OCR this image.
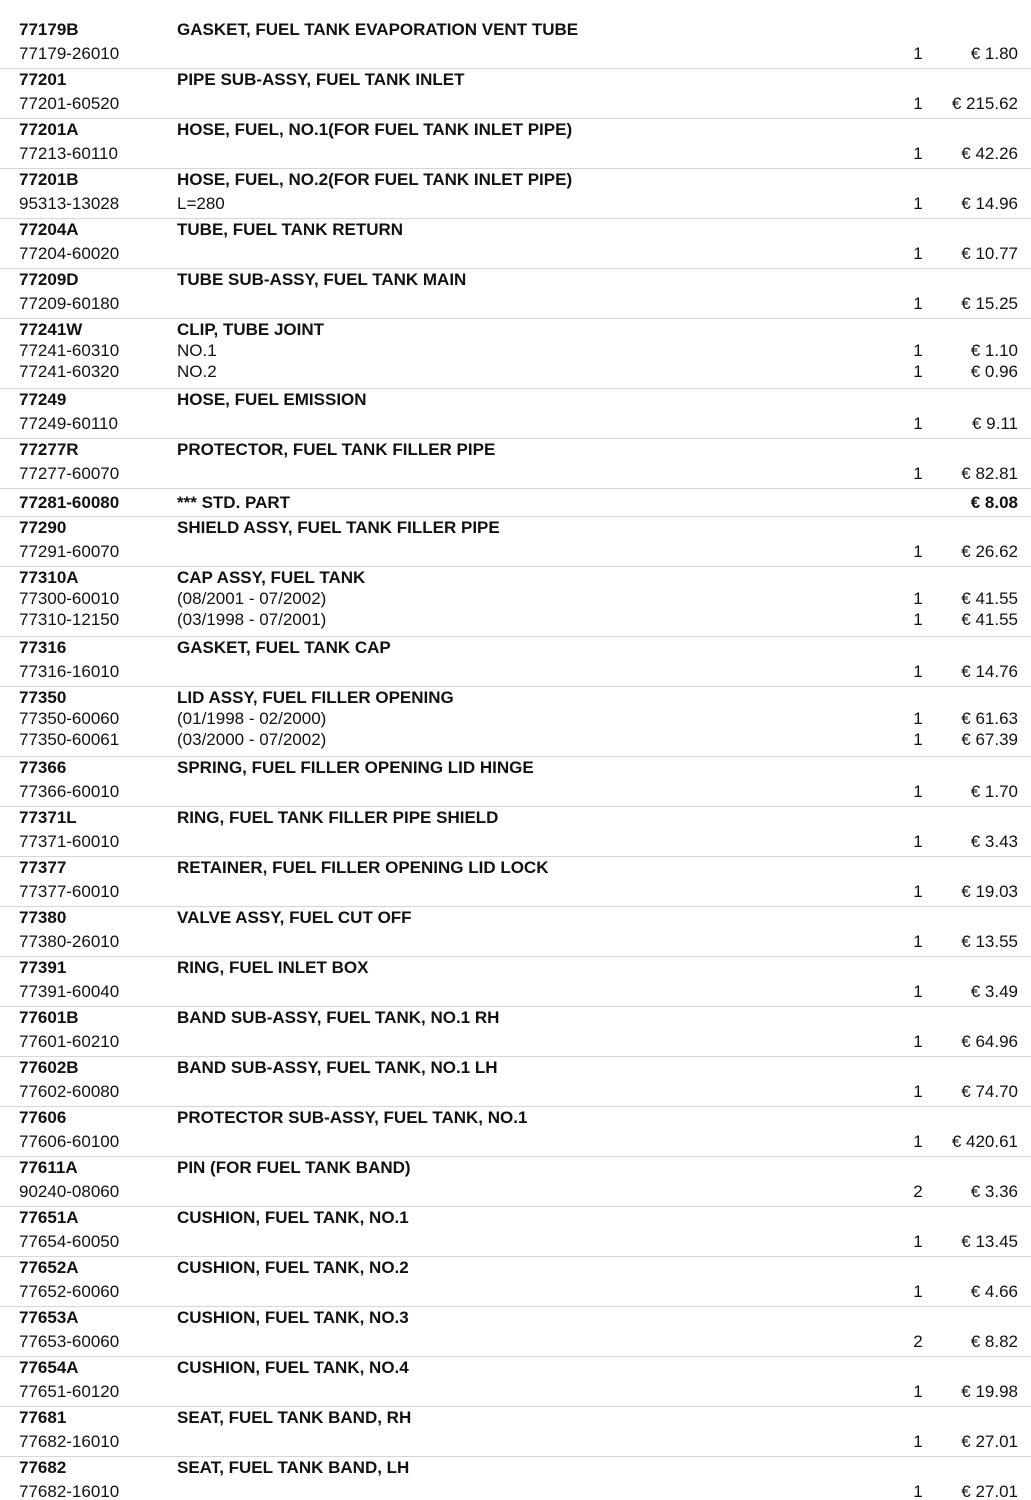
77179B	GASKET, FUEL TANK EVAPORATION VENT TUBE
77179-26010	1	€ 1.80
77201	PIPE SUB-ASSY, FUEL TANK INLET
77201-60520	1	€ 215.62
77201A	HOSE, FUEL, NO.1(FOR FUEL TANK INLET PIPE)
77213-60110	1	€ 42.26
77201B	HOSE, FUEL, NO.2(FOR FUEL TANK INLET PIPE)
95313-13028	L=280	1	€ 14.96
77204A	TUBE, FUEL TANK RETURN
77204-60020	1	€ 10.77
77209D	TUBE SUB-ASSY, FUEL TANK MAIN
77209-60180	1	€ 15.25
77241W	CLIP, TUBE JOINT
77241-60310	NO.1	1	€ 1.10
77241-60320	NO.2	1	€ 0.96
77249	HOSE, FUEL EMISSION
77249-60110	1	€ 9.11
77277R	PROTECTOR, FUEL TANK FILLER PIPE
77277-60070	1	€ 82.81
77281-60080	*** STD. PART	€ 8.08
77290	SHIELD ASSY, FUEL TANK FILLER PIPE
77291-60070	1	€ 26.62
77310A	CAP ASSY, FUEL TANK
77300-60010	(08/2001 - 07/2002)	1	€ 41.55
77310-12150	(03/1998 - 07/2001)	1	€ 41.55
77316	GASKET, FUEL TANK CAP
77316-16010	1	€ 14.76
77350	LID ASSY, FUEL FILLER OPENING
77350-60060	(01/1998 - 02/2000)	1	€ 61.63
77350-60061	(03/2000 - 07/2002)	1	€ 67.39
77366	SPRING, FUEL FILLER OPENING LID HINGE
77366-60010	1	€ 1.70
77371L	RING, FUEL TANK FILLER PIPE SHIELD
77371-60010	1	€ 3.43
77377	RETAINER, FUEL FILLER OPENING LID LOCK
77377-60010	1	€ 19.03
77380	VALVE ASSY, FUEL CUT OFF
77380-26010	1	€ 13.55
77391	RING, FUEL INLET BOX
77391-60040	1	€ 3.49
77601B	BAND SUB-ASSY, FUEL TANK, NO.1 RH
77601-60210	1	€ 64.96
77602B	BAND SUB-ASSY, FUEL TANK, NO.1 LH
77602-60080	1	€ 74.70
77606	PROTECTOR SUB-ASSY, FUEL TANK, NO.1
77606-60100	1	€ 420.61
77611A	PIN (FOR FUEL TANK BAND)
90240-08060	2	€ 3.36
77651A	CUSHION, FUEL TANK, NO.1
77654-60050	1	€ 13.45
77652A	CUSHION, FUEL TANK, NO.2
77652-60060	1	€ 4.66
77653A	CUSHION, FUEL TANK, NO.3
77653-60060	2	€ 8.82
77654A	CUSHION, FUEL TANK, NO.4
77651-60120	1	€ 19.98
77681	SEAT, FUEL TANK BAND, RH
77682-16010	1	€ 27.01
77682	SEAT, FUEL TANK BAND, LH
77682-16010	1	€ 27.01
